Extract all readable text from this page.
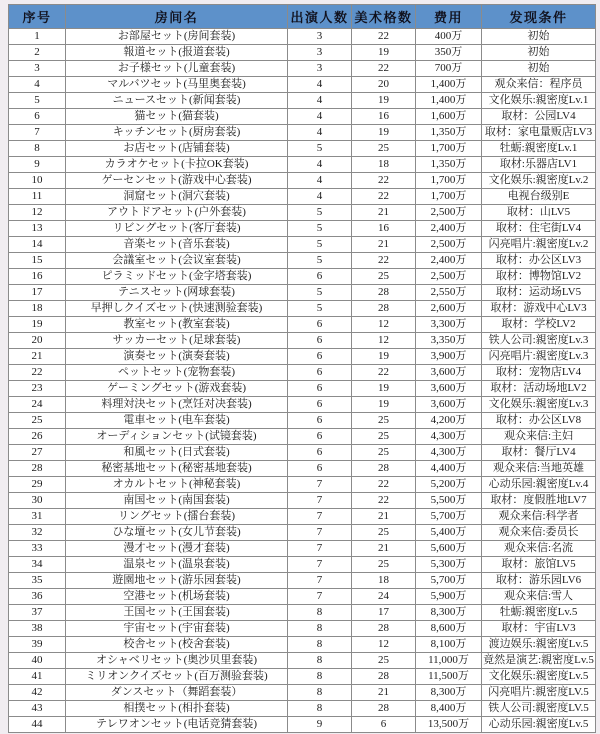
序号	房间名	出演人数	美术格数	费用	发现条件
1	お部屋セット(房间套装)	3	22	400万	初始
2	報道セット(报道套装)	3	19	350万	初始
3	お子様セット(儿童套装)	3	22	700万	初始
4	マルバツセット(马里奥套装)	4	20	1,400万	观众来信：程序员
5	ニュースセット(新闻套装)	4	19	1,400万	文化娱乐:親密度Lv.1
6	猫セット(猫套装)	4	16	1,600万	取材：公园LV4
7	キッチンセット(厨房套装)	4	19	1,350万	取材：家电量贩店LV3
8	お店セット(店铺套装)	5	25	1,700万	牡蛎:親密度Lv.1
9	カラオケセット(卡拉OK套装)	4	18	1,350万	取材:乐器店LV1
10	ゲーセンセット(游戏中心套装)	4	22	1,700万	文化娱乐:親密度Lv.2
11	洞窟セット(洞穴套装)	4	22	1,700万	电视台级别E
12	アウトドアセット(户外套装)	5	21	2,500万	取材：山LV5
13	リビングセット(客厅套装)	5	16	2,400万	取材：住宅街LV4
14	音楽セット(音乐套装)	5	21	2,500万	闪亮唱片:親密度Lv.2
15	会議室セット(会议室套装)	5	22	2,400万	取材：办公区LV3
16	ピラミッドセット(金字塔套装)	6	25	2,500万	取材：博物馆LV2
17	テニスセット(网球套装)	5	28	2,550万	取材：运动场LV5
18	早押しクイズセット(快速测验套装)	5	28	2,600万	取材：游戏中心LV3
19	教室セット(教室套装)	6	12	3,300万	取材：学校LV2
20	サッカーセット(足球套装)	6	12	3,350万	铁人公司:親密度Lv.3
21	演奏セット(演奏套装)	6	19	3,900万	闪亮唱片:親密度Lv.3
22	ペットセット(宠物套装)	6	22	3,600万	取材：宠物店LV4
23	ゲーミングセット(游戏套装)	6	19	3,600万	取材：活动场地LV2
24	料理対決セット(烹饪对决套装)	6	19	3,600万	文化娱乐:親密度Lv.3
25	電車セット(电车套装)	6	25	4,200万	取材：办公区LV8
26	オーディションセット(试镜套装)	6	25	4,300万	观众来信:主妇
27	和風セット(日式套装)	6	25	4,300万	取材：餐厅LV4
28	秘密基地セット(秘密基地套装)	6	28	4,400万	观众来信:当地英雄
29	オカルトセット(神秘套装)	7	22	5,200万	心动乐园:親密度Lv.4
30	南国セット(南国套装)	7	22	5,500万	取材：度假胜地LV7
31	リングセット(擂台套装)	7	21	5,700万	观众来信:科学者
32	ひな壇セット(女儿节套装)	7	25	5,400万	观众来信:委员长
33	漫才セット(漫才套装)	7	21	5,600万	观众来信:名流
34	温泉セット(温泉套装)	7	25	5,300万	取材：旅馆LV5
35	遊園地セット(游乐园套装)	7	18	5,700万	取材：游乐园LV6
36	空港セット(机场套装)	7	24	5,900万	观众来信:雪人
37	王国セット(王国套装)	8	17	8,300万	牡蛎:親密度Lv.5
38	宇宙セット(宇宙套装)	8	28	8,600万	取材：宇宙LV3
39	校舎セット(校舍套装)	8	12	8,100万	渡边娱乐:親密度Lv.5
40	オシャベリセット(奥沙贝里套装)	8	25	11,000万	竟然是演艺:親密度Lv.5
41	ミリオンクイズセット(百万测验套装)	8	28	11,500万	文化娱乐:親密度Lv.5
42	ダンスセット（舞蹈套装）	8	21	8,300万	闪亮唱片:親密度LV.5
43	相撲セット(相扑套装)	8	28	8,400万	铁人公司:親密度LV.5
44	テレワオンセット(电话竞猜套装)	9	6	13,500万	心动乐园:親密度Lv.5
